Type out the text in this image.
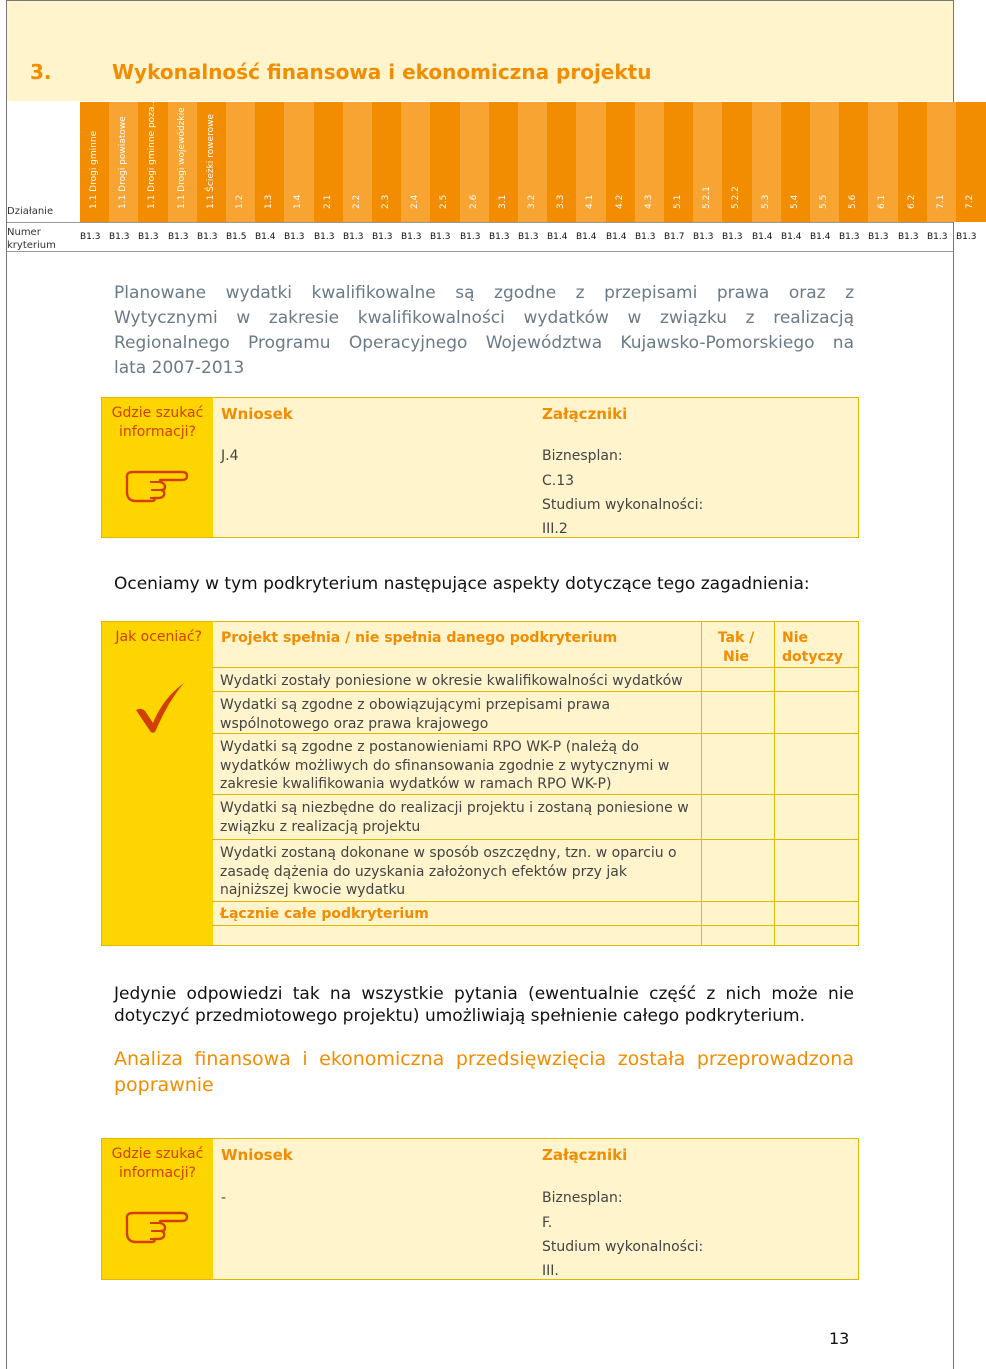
3.	Wykonalność finansowa i ekonomiczna projektu
Działanie
Numer
kryterium
1.1 Drogi gminne
B1.3
1.1 Drogi powiatowe
B1.3
1.1 Drogi gminne poza...
B1.3
1.1 Drogi wojewódzkie
B1.3
1.1 Ścieżki rowerowe
B1.3
1.2
B1.5
1.3
B1.4
1.4
B1.3
2.1
B1.3
2.2
B1.3
2.3
B1.3
2.4
B1.3
2.5
B1.3
2.6
B1.3
3.1
B1.3
3.2
B1.3
3.3
B1.4
4.1
B1.4
4.2
B1.4
4.3
B1.3
5.1
B1.7
5.2.1
B1.3
5.2.2
B1.3
5.3
B1.4
5.4
B1.4
5.5
B1.4
5.6
B1.3
6.1
B1.3
6.2
B1.3
7.1
B1.3
7.2
B1.3
Planowane wydatki kwalifikowalne są zgodne z przepisami prawa oraz z
Wytycznymi w zakresie kwalifikowalności wydatków w związku z realizacją
Regionalnego Programu Operacyjnego Województwa Kujawsko-Pomorskiego na
lata 2007-2013
Gdzie szukać informacji?
Wniosek
J.4
Załączniki
Biznesplan:
C.13
Studium wykonalności:
III.2
Oceniamy w tym podkryterium następujące aspekty dotyczące tego zagadnienia:
Jak oceniać? Projekt spełnia / nie spełnia danego podkryterium	Tak / Nie
Nie dotyczy
Wydatki zostały poniesione w okresie kwalifikowalności wydatków
Wydatki są zgodne z obowiązującymi przepisami prawa wspólnotowego oraz prawa krajowego
Wydatki są zgodne z postanowieniami RPO WK-P (należą do wydatków możliwych do sfinansowania zgodnie z wytycznymi w zakresie kwalifikowania wydatków w ramach RPO WK-P)
Wydatki są niezbędne do realizacji projektu i zostaną poniesione w związku z realizacją projektu
Wydatki zostaną dokonane w sposób oszczędny, tzn. w oparciu o zasadę dążenia do uzyskania założonych efektów przy jak najniższej kwocie wydatku
Łącznie całe podkryterium
Jedynie odpowiedzi tak na wszystkie pytania (ewentualnie część z nich może nie
dotyczyć przedmiotowego projektu) umożliwiają spełnienie całego podkryterium.
Analiza finansowa i ekonomiczna przedsięwzięcia została przeprowadzona
poprawnie
Gdzie szukać informacji?
Wniosek
-
Załączniki
Biznesplan:
F.
Studium wykonalności:
III.
13
